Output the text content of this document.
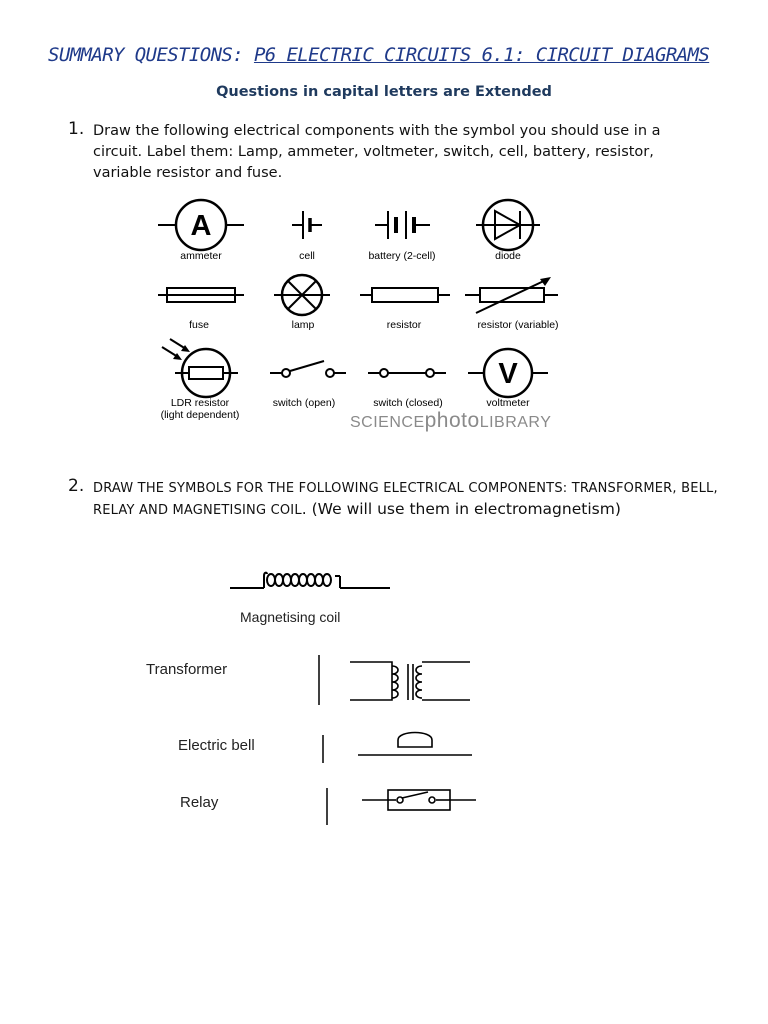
SUMMARY QUESTIONS: P6 ELECTRIC CIRCUITS 6.1: CIRCUIT DIAGRAMS
Questions in capital letters are Extended
1. Draw the following electrical components with the symbol you should use in a circuit. Label them: Lamp, ammeter, voltmeter, switch, cell, battery, resistor, variable resistor and fuse.
A
V
ammeter	cell	battery (2-cell)	diode
fuse	lamp	resistor	resistor (variable)
LDR resistor
(light dependent)
switch (open)	switch (closed)	voltmeter
SCIENCEphotoLIBRARY
2. DRAW THE SYMBOLS FOR THE FOLLOWING ELECTRICAL COMPONENTS: TRANSFORMER, BELL, RELAY AND MAGNETISING COIL. (We will use them in electromagnetism)
Magnetising coil
Transformer
Electric bell
Relay
